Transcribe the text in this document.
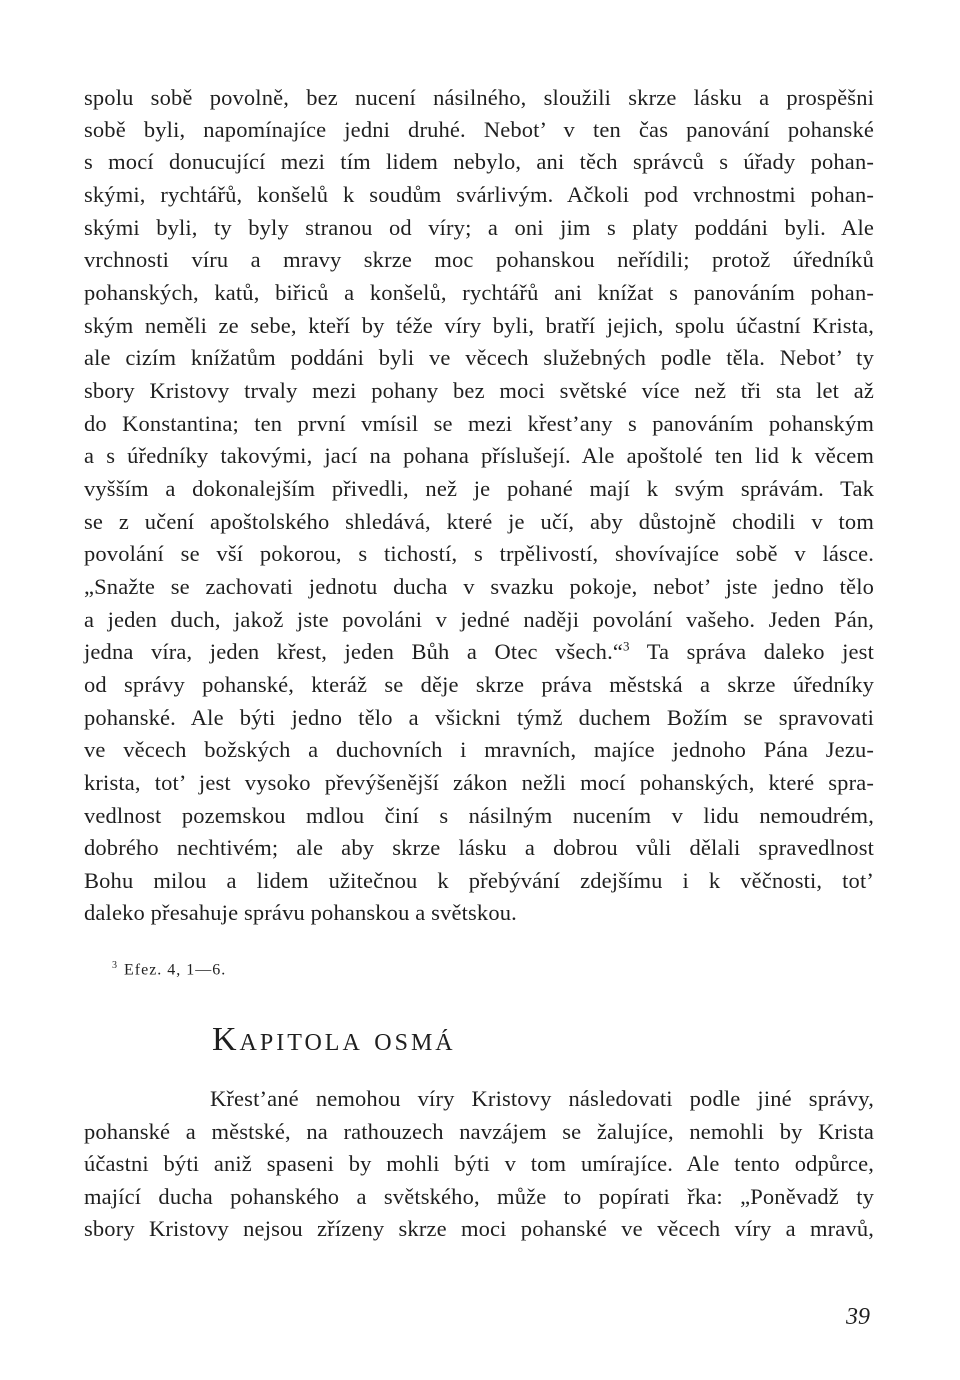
spolu sobě povolně, bez nucení násilného, sloužili skrze lásku a prospěšni
sobě byli, napomínajíce jedni druhé. Nebot’ v ten čas panování pohanské
s mocí donucující mezi tím lidem nebylo, ani těch správců s úřady pohan-
skými, rychtářů, konšelů k soudům svárlivým. Ačkoli pod vrchnostmi pohan-
skými byli, ty byly stranou od víry; a oni jim s platy poddáni byli. Ale
vrchnosti víru a mravy skrze moc pohanskou neřídili; protož úředníků
pohanských, katů, biřiců a konšelů, rychtářů ani knížat s panováním pohan-
ským neměli ze sebe, kteří by téže víry byli, bratří jejich, spolu účastní Krista,
ale cizím knížatům poddáni byli ve věcech služebných podle těla. Nebot’ ty
sbory Kristovy trvaly mezi pohany bez moci světské více než tři sta let až
do Konstantina; ten první vmísil se mezi křest’any s panováním pohanským
a s úředníky takovými, jací na pohana příslušejí. Ale apoštolé ten lid k věcem
vyšším a dokonalejším přivedli, než je pohané mají k svým správám. Tak
se z učení apoštolského shledává, které je učí, aby důstojně chodili v tom
povolání se vší pokorou, s tichostí, s trpělivostí, shovívajíce sobě v lásce.
„Snažte se zachovati jednotu ducha v svazku pokoje, nebot’ jste jedno tělo
a jeden duch, jakož jste povoláni v jedné naději povolání vašeho. Jeden Pán,
jedna víra, jeden křest, jeden Bůh a Otec všech.“$^3$ Ta správa daleko jest
od správy pohanské, kteráž se děje skrze práva městská a skrze úředníky
pohanské. Ale býti jedno tělo a všickni týmž duchem Božím se spravovati
ve věcech božských a duchovních i mravních, majíce jednoho Pána Jezu-
krista, tot’ jest vysoko převýšenější zákon nežli mocí pohanských, které spra-
vedlnost pozemskou mdlou činí s násilným nucením v lidu nemoudrém,
dobrého nechtivém; ale aby skrze lásku a dobrou vůli dělali spravedlnost
Bohu milou a lidem užitečnou k přebývání zdejšímu i k věčnosti, tot’
daleko přesahuje správu pohanskou a světskou.
$^3$ Efez. 4, 1—6.
Kapitola osmá
Křest’ané nemohou víry Kristovy následovati podle jiné správy,
pohanské a městské, na rathouzech navzájem se žalujíce, nemohli by Krista
účastni býti aniž spaseni by mohli býti v tom umírajíce. Ale tento odpůrce,
mající ducha pohanského a světského, může to popírati řka: „Poněvadž ty
sbory Kristovy nejsou zřízeny skrze moci pohanské ve věcech víry a mravů,
39
